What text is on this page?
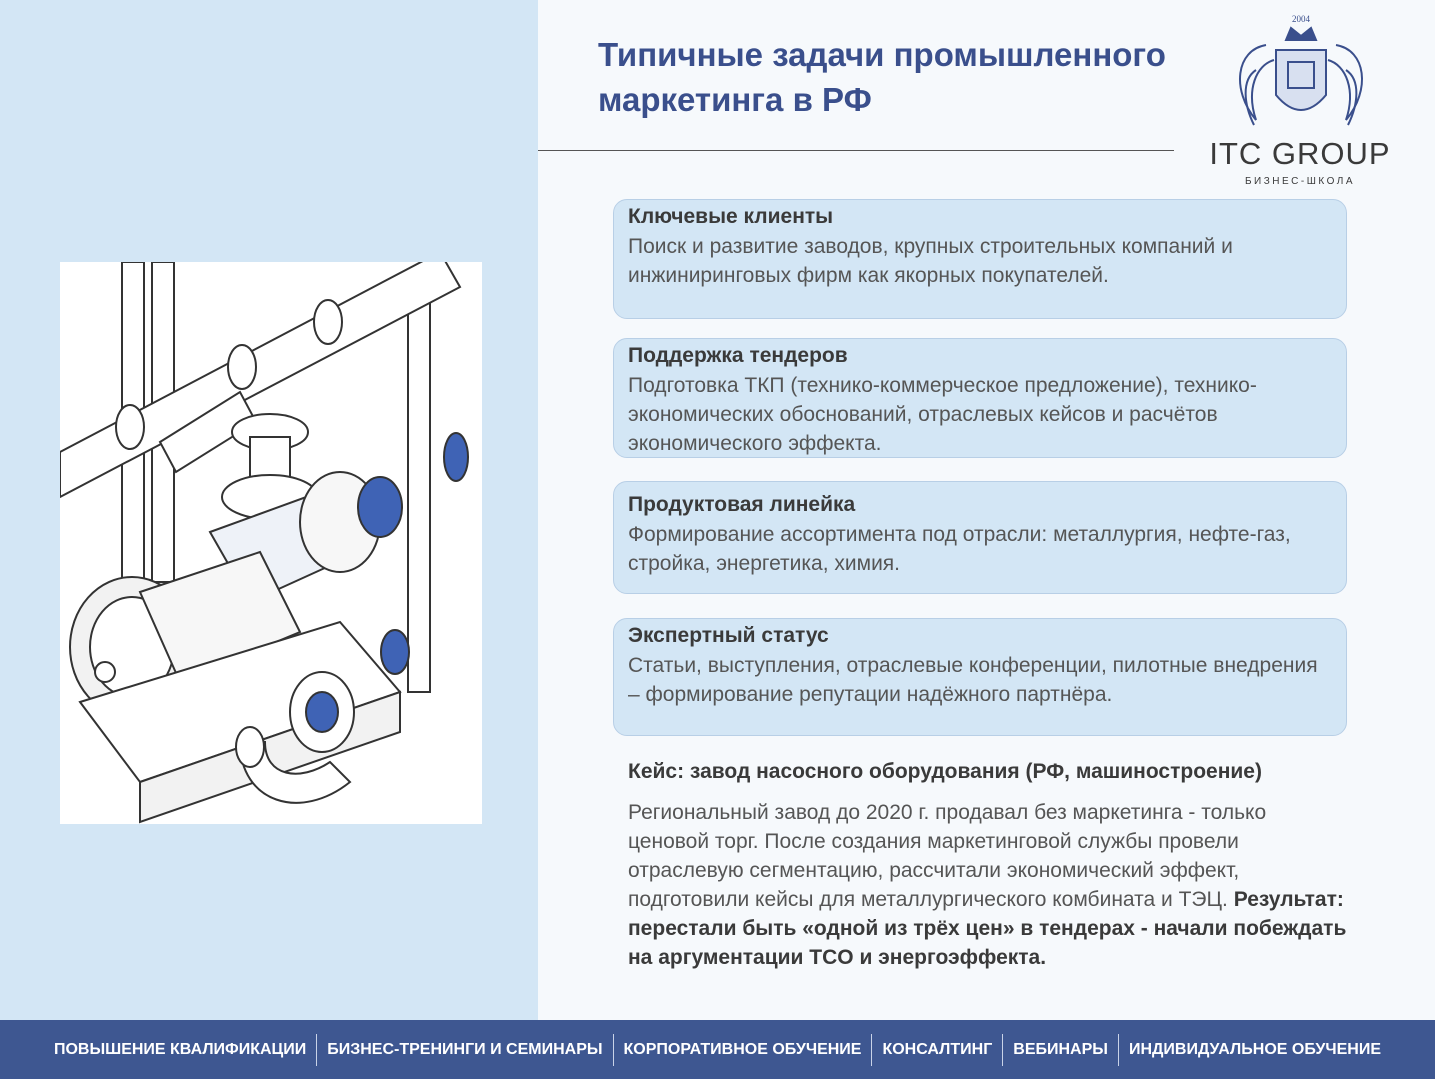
Типичные задачи промышленного маркетинга в РФ
2004
ITC GROUP
БИЗНЕС-ШКОЛА
Ключевые клиенты
Поиск и развитие заводов, крупных строительных компаний и инжиниринговых фирм как якорных покупателей.
Поддержка тендеров
Подготовка ТКП (технико-коммерческое предложение), технико-экономических обоснований, отраслевых кейсов и расчётов экономического эффекта.
Продуктовая линейка
Формирование ассортимента под отрасли: металлургия, нефте-газ, стройка, энергетика, химия.
Экспертный статус
Статьи, выступления, отраслевые конференции, пилотные внедрения – формирование репутации надёжного партнёра.
Кейс: завод насосного оборудования (РФ, машиностроение)
Региональный завод до 2020 г. продавал без маркетинга - только ценовой торг. После создания маркетинговой службы провели отраслевую сегментацию, рассчитали экономический эффект, подготовили кейсы для металлургического комбината и ТЭЦ. Результат: перестали быть «одной из трёх цен» в тендерах - начали побеждать на аргументации TCO и энергоэффекта.
ПОВЫШЕНИЕ КВАЛИФИКАЦИИ	БИЗНЕС-ТРЕНИНГИ И СЕМИНАРЫ	КОРПОРАТИВНОЕ ОБУЧЕНИЕ	КОНСАЛТИНГ	ВЕБИНАРЫ	ИНДИВИДУАЛЬНОЕ ОБУЧЕНИЕ
